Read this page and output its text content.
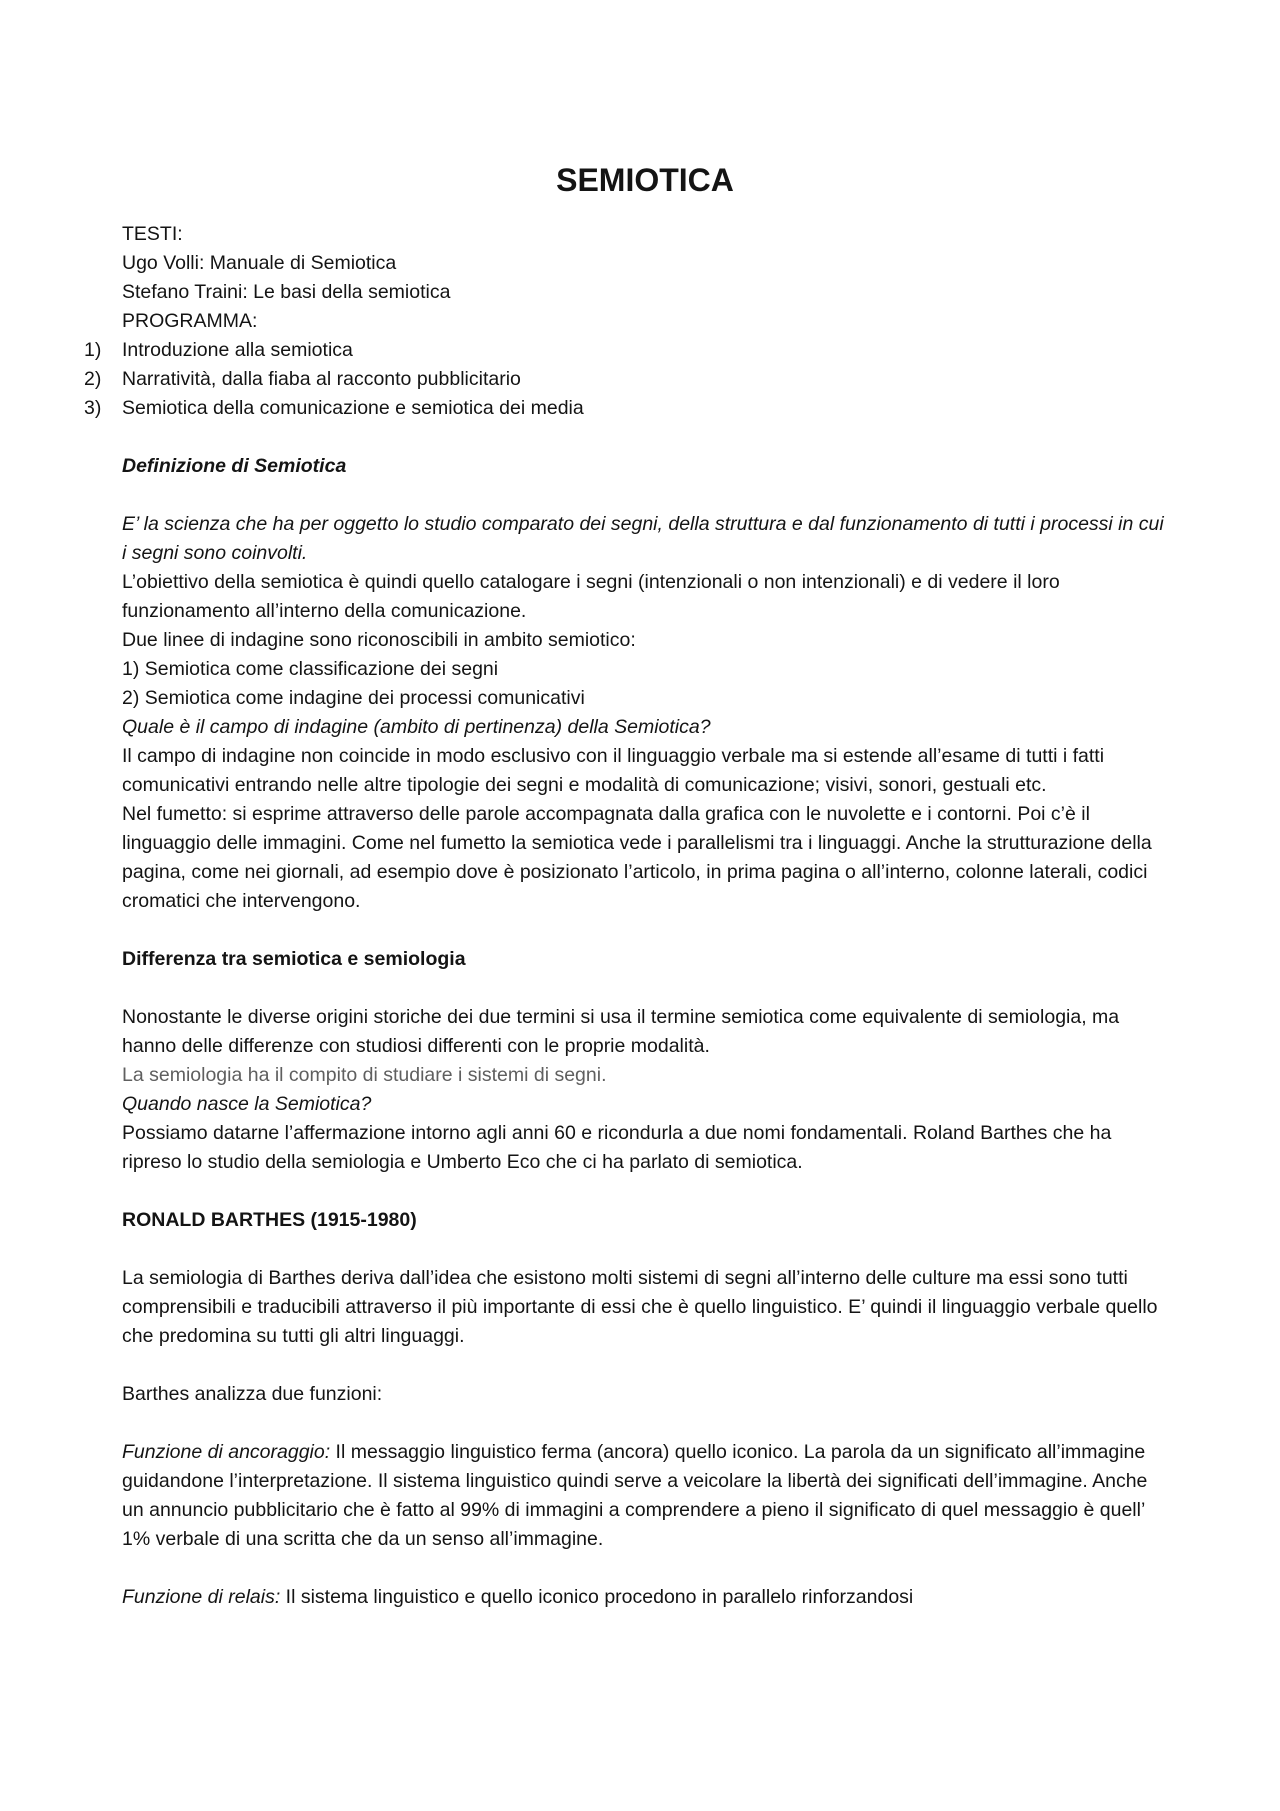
SEMIOTICA
TESTI:
Ugo Volli: Manuale di Semiotica
Stefano Traini: Le basi della semiotica
PROGRAMMA:
1)	Introduzione alla semiotica
2)	Narratività, dalla fiaba al racconto pubblicitario
3)	Semiotica della comunicazione e semiotica dei media

Definizione di Semiotica

E’ la scienza che ha per oggetto lo studio comparato dei segni, della struttura e dal funzionamento di tutti i processi in cui i segni sono coinvolti.

L’obiettivo della semiotica è quindi quello catalogare i segni (intenzionali o non intenzionali) e di vedere il loro funzionamento all’interno della comunicazione.

Due linee di indagine sono riconoscibili in ambito semiotico:

1) Semiotica come classificazione dei segni

2) Semiotica come indagine dei processi comunicativi

Quale è il campo di indagine (ambito di pertinenza) della Semiotica?

Il campo di indagine non coincide in modo esclusivo con il linguaggio verbale ma si estende all’esame di tutti i fatti comunicativi entrando nelle altre tipologie dei segni e modalità di comunicazione; visivi, sonori, gestuali etc.

Nel fumetto: si esprime attraverso delle parole accompagnata dalla grafica con le nuvolette e i contorni. Poi c’è il linguaggio delle immagini. Come nel fumetto la semiotica vede i parallelismi tra i linguaggi. Anche la strutturazione della pagina, come nei giornali, ad esempio dove è posizionato l’articolo, in prima pagina o all’interno, colonne laterali, codici cromatici che intervengono.

Differenza tra semiotica e semiologia

Nonostante le diverse origini storiche dei due termini si usa il termine semiotica come equivalente di semiologia, ma hanno delle differenze con studiosi differenti con le proprie modalità.

La semiologia ha il compito di studiare i sistemi di segni.

Quando nasce la Semiotica?

Possiamo datarne l’affermazione intorno agli anni 60 e ricondurla a due nomi fondamentali. Roland Barthes che ha ripreso lo studio della semiologia e Umberto Eco che ci ha parlato di semiotica.

RONALD BARTHES (1915-1980)

La semiologia di Barthes deriva dall’idea che esistono molti sistemi di segni all’interno delle culture ma essi sono tutti comprensibili e traducibili attraverso il più importante di essi che è quello linguistico. E’ quindi il linguaggio verbale quello che predomina su tutti gli altri linguaggi.

Barthes analizza due funzioni:

Funzione di ancoraggio: Il messaggio linguistico ferma (ancora) quello iconico. La parola da un significato all’immagine guidandone l’interpretazione. Il sistema linguistico quindi serve a veicolare la libertà dei significati dell’immagine. Anche un annuncio pubblicitario che è fatto al 99% di immagini a comprendere a pieno il significato di quel messaggio è quell’ 1% verbale di una scritta che da un senso all’immagine.

Funzione di relais: Il sistema linguistico e quello iconico procedono in parallelo rinforzandosi
